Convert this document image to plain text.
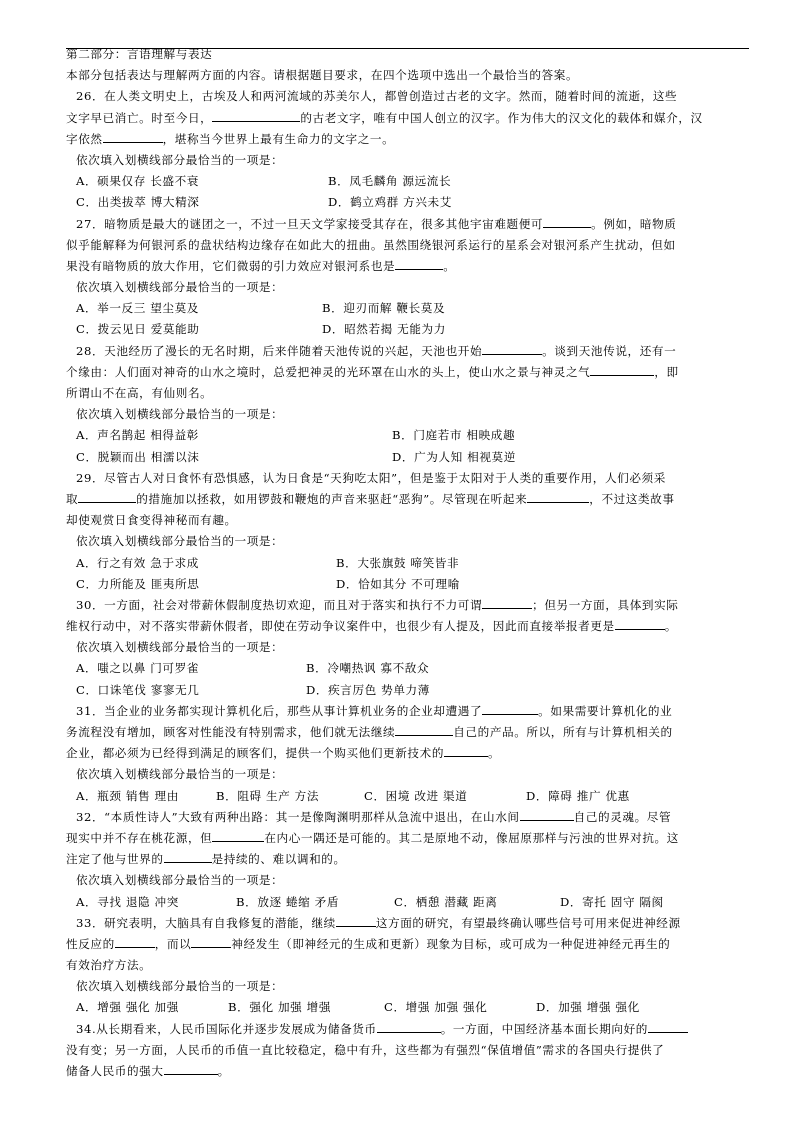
第二部分：言语理解与表达
本部分包括表达与理解两方面的内容。请根据题目要求，在四个选项中选出一个最恰当的答案。
26．在人类文明史上，古埃及人和两河流域的苏美尔人，都曾创造过古老的文字。然而，随着时间的流逝，这些
文字早已消亡。时至今日，	的古老文字，唯有中国人创立的汉字。作为伟大的汉文化的载体和媒介，汉
字依然	，堪称当今世界上最有生命力的文字之一。
依次填入划横线部分最恰当的一项是：
A．硕果仅存 长盛不衰	B．凤毛麟角 源远流长
C．出类拔萃 博大精深	D．鹤立鸡群 方兴未艾
27．暗物质是最大的谜团之一，不过一旦天文学家接受其存在，很多其他宇宙难题便可	。例如，暗物质
似乎能解释为何银河系的盘状结构边缘存在如此大的扭曲。虽然围绕银河系运行的星系会对银河系产生扰动，但如
果没有暗物质的放大作用，它们微弱的引力效应对银河系也是	。
依次填入划横线部分最恰当的一项是：
A．举一反三 望尘莫及	B．迎刃而解 鞭长莫及
C．拨云见日 爱莫能助	D．昭然若揭 无能为力
28．天池经历了漫长的无名时期，后来伴随着天池传说的兴起，天池也开始	。谈到天池传说，还有一
个缘由：人们面对神奇的山水之境时，总爱把神灵的光环罩在山水的头上，使山水之景与神灵之气	，即
所谓山不在高，有仙则名。
依次填入划横线部分最恰当的一项是：
A．声名鹊起 相得益彰	B．门庭若市 相映成趣
C．脱颖而出 相濡以沫	D．广为人知 相视莫逆
29．尽管古人对日食怀有恐惧感，认为日食是“天狗吃太阳”，但是鉴于太阳对于人类的重要作用，人们必须采
取	的措施加以拯救，如用锣鼓和鞭炮的声音来驱赶“恶狗”。尽管现在听起来	，不过这类故事
却使观赏日食变得神秘而有趣。
依次填入划横线部分最恰当的一项是：
A．行之有效 急于求成	B．大张旗鼓 啼笑皆非
C．力所能及 匪夷所思	D．恰如其分 不可理喻
30．一方面，社会对带薪休假制度热切欢迎，而且对于落实和执行不力可谓	；但另一方面，具体到实际
维权行动中，对不落实带薪休假者，即使在劳动争议案件中，也很少有人提及，因此而直接举报者更是	。
依次填入划横线部分最恰当的一项是：
A．嗤之以鼻 门可罗雀	B．冷嘲热讽 寡不敌众
C．口诛笔伐 寥寥无几	D．疾言厉色 势单力薄
31．当企业的业务都实现计算机化后，那些从事计算机业务的企业却遭遇了	。如果需要计算机化的业
务流程没有增加，顾客对性能没有特别需求，他们就无法继续	自己的产品。所以，所有与计算机相关的
企业，都必须为已经得到满足的顾客们，提供一个购买他们更新技术的	。
依次填入划横线部分最恰当的一项是：
A．瓶颈 销售 理由	B．阻碍 生产 方法	C．困境 改进 渠道	D．障碍 推广 优惠
32．“本质性诗人”大致有两种出路：其一是像陶渊明那样从急流中退出，在山水间	自己的灵魂。尽管
现实中并不存在桃花源，但	在内心一隅还是可能的。其二是原地不动，像屈原那样与污浊的世界对抗。这
注定了他与世界的	是持续的、难以调和的。
依次填入划横线部分最恰当的一项是：
A．寻找 退隐 冲突	B．放逐 蜷缩 矛盾	C．栖憩 潜藏 距离	D．寄托 固守 隔阂
33．研究表明，大脑具有自我修复的潜能，继续	这方面的研究，有望最终确认哪些信号可用来促进神经源
性反应的	，而以	神经发生（即神经元的生成和更新）现象为目标，或可成为一种促进神经元再生的
有效治疗方法。
依次填入划横线部分最恰当的一项是：
A．增强 强化 加强	B．强化 加强 增强	C．增强 加强 强化	D．加强 增强 强化
34.从长期看来，人民币国际化并逐步发展成为储备货币	。一方面，中国经济基本面长期向好的
没有变；另一方面，人民币的币值一直比较稳定，稳中有升，这些都为有强烈“保值增值”需求的各国央行提供了
储备人民币的强大	。
